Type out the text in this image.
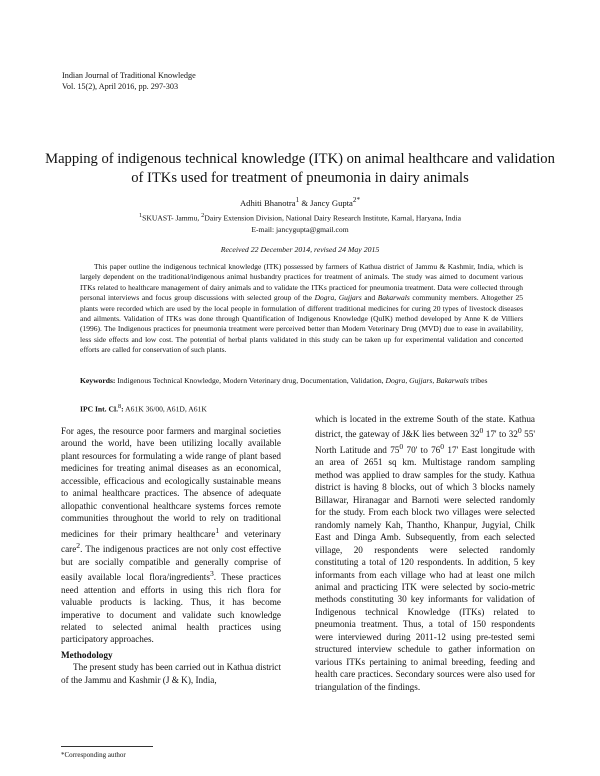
Indian Journal of Traditional Knowledge
Vol. 15(2), April 2016, pp. 297-303
Mapping of indigenous technical knowledge (ITK) on animal healthcare and validation of ITKs used for treatment of pneumonia in dairy animals
Adhiti Bhanotra$^1$ & Jancy Gupta$^{2*}$
$^1$SKUAST- Jammu, $^2$Dairy Extension Division, National Dairy Research Institute, Karnal, Haryana, India
E-mail: jancygupta@gmail.com
Received 22 December 2014, revised 24 May 2015
This paper outline the indigenous technical knowledge (ITK) possessed by farmers of Kathua district of Jammu & Kashmir, India, which is largely dependent on the traditional/indigenous animal husbandry practices for treatment of animals. The study was aimed to document various ITKs related to healthcare management of dairy animals and to validate the ITKs practiced for pneumonia treatment. Data were collected through personal interviews and focus group discussions with selected group of the Dogra, Gujjars and Bakarwals community members. Altogether 25 plants were recorded which are used by the local people in formulation of different traditional medicines for curing 20 types of livestock diseases and ailments. Validation of ITKs was done through Quantification of Indigenous Knowledge (QuIK) method developed by Anne K de Villiers (1996). The Indigenous practices for pneumonia treatment were perceived better than Modern Veterinary Drug (MVD) due to ease in availability, less side effects and low cost. The potential of herbal plants validated in this study can be taken up for experimental validation and concerted efforts are called for conservation of such plants.
Keywords: Indigenous Technical Knowledge, Modern Veterinary drug, Documentation, Validation, Dogra, Gujjars, Bakarwals tribes
IPC Int. Cl.$^8$: A61K 36/00, A61D, A61K

For ages, the resource poor farmers and marginal societies around the world, have been utilizing locally available plant resources for formulating a wide range of plant based medicines for treating animal diseases as an economical, accessible, efficacious and ecologically sustainable means to animal healthcare practices. The absence of adequate allopathic conventional healthcare systems forces remote communities throughout the world to rely on traditional medicines for their primary healthcare$^1$ and veterinary care$^2$. The indigenous practices are not only cost effective but are socially compatible and generally comprise of easily available local flora/ingredients$^3$. These practices need attention and efforts in using this rich flora for valuable products is lacking. Thus, it has become imperative to document and validate such knowledge related to selected animal health practices using participatory approaches.

Methodology

The present study has been carried out in Kathua district of the Jammu and Kashmir (J & K), India,

which is located in the extreme South of the state. Kathua district, the gateway of J&K lies between $32^0$ 17' to $32^0$ 55' North Latitude and $75^0$ 70' to $76^0$ 17' East longitude with an area of 2651 sq km. Multistage random sampling method was applied to draw samples for the study. Kathua district is having 8 blocks, out of which 3 blocks namely Billawar, Hiranagar and Barnoti were selected randomly for the study. From each block two villages were selected randomly namely Kah, Thantho, Khanpur, Jugyial, Chilk East and Dinga Amb. Subsequently, from each selected village, 20 respondents were selected randomly constituting a total of 120 respondents. In addition, 5 key informants from each village who had at least one milch animal and practicing ITK were selected by socio-metric methods constituting 30 key informants for validation of Indigenous technical Knowledge (ITKs) related to pneumonia treatment. Thus, a total of 150 respondents were interviewed during 2011-12 using pre-tested semi structured interview schedule to gather information on various ITKs pertaining to animal breeding, feeding and health care practices. Secondary sources were also used for triangulation of the findings.

*Corresponding author
